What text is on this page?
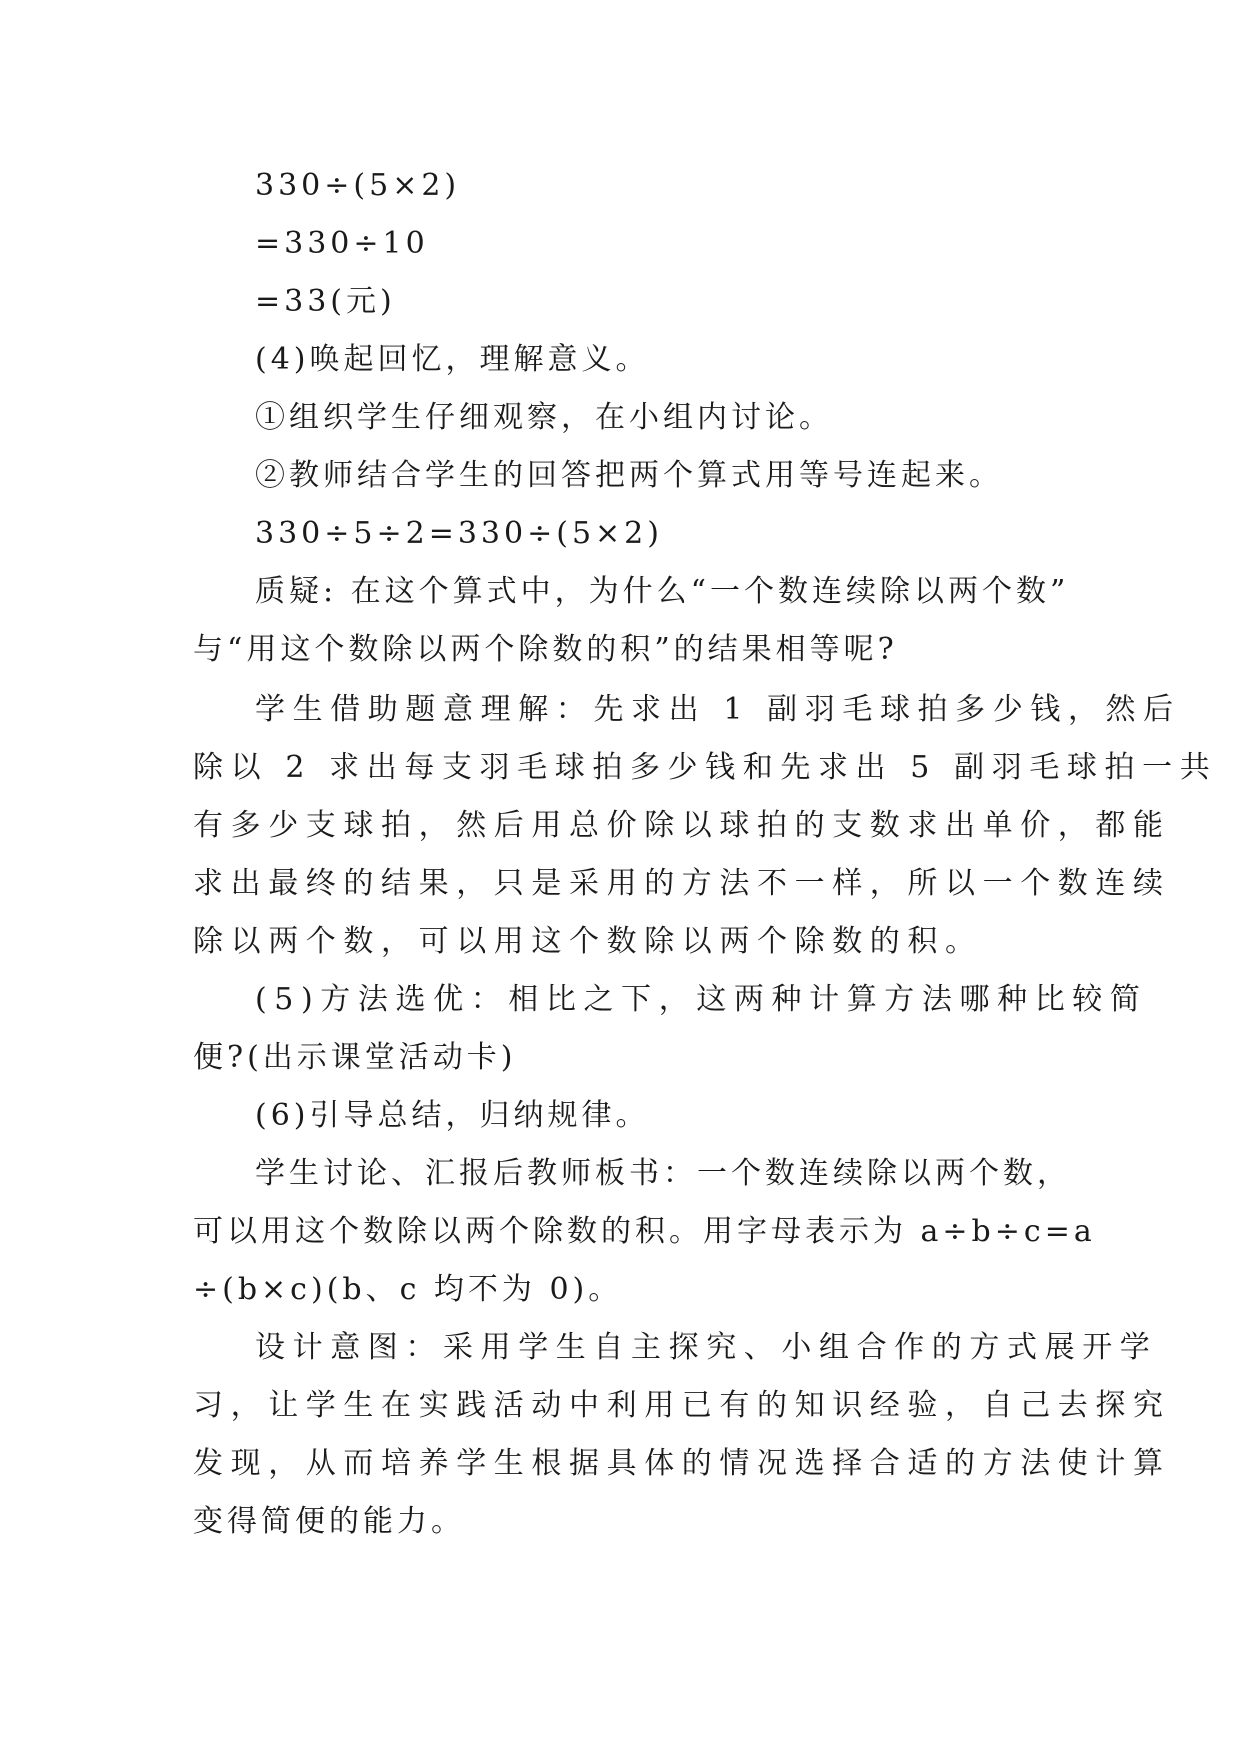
330÷(5×2)
=330÷10
=33(元)
(4)唤起回忆，理解意义。
①组织学生仔细观察，在小组内讨论。
②教师结合学生的回答把两个算式用等号连起来。
330÷5÷2=330÷(5×2)
质疑: 在这个算式中，为什么“一个数连续除以两个数”
与“用这个数除以两个除数的积”的结果相等呢?
学生借助题意理解：先求出 1 副羽毛球拍多少钱，然后
除以 2 求出每支羽毛球拍多少钱和先求出 5 副羽毛球拍一共
有多少支球拍，然后用总价除以球拍的支数求出单价，都能
求出最终的结果，只是采用的方法不一样，所以一个数连续
除以两个数，可以用这个数除以两个除数的积。
(5)方法选优：相比之下，这两种计算方法哪种比较简
便?(出示课堂活动卡)
(6)引导总结，归纳规律。
学生讨论、汇报后教师板书：一个数连续除以两个数，
可以用这个数除以两个除数的积。用字母表示为 a÷b÷c=a
÷(b×c)(b、c 均不为 0)。
设计意图：采用学生自主探究、小组合作的方式展开学
习，让学生在实践活动中利用已有的知识经验，自己去探究
发现，从而培养学生根据具体的情况选择合适的方法使计算
变得简便的能力。
